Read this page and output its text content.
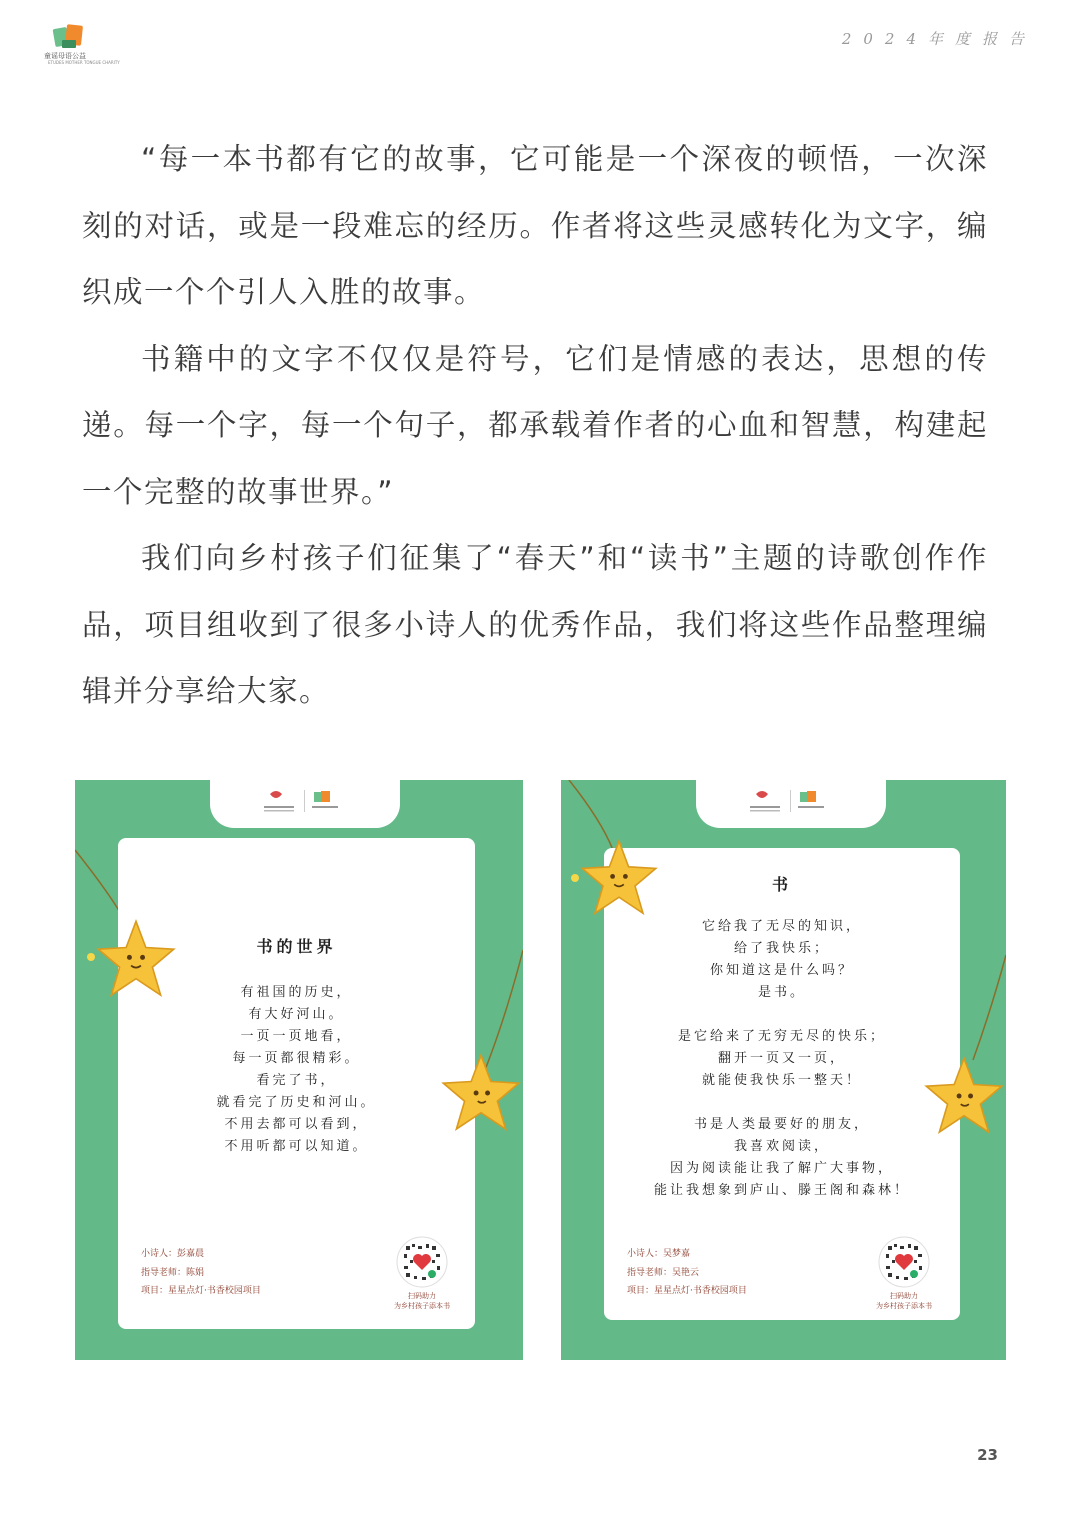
童谣母语公益
ETUDES MOTHER TONGUE CHARITY
2024年度报告

“每一本书都有它的故事，它可能是一个深夜的顿悟，一次深刻的对话，或是一段难忘的经历。作者将这些灵感转化为文字，编织成一个个引人入胜的故事。

书籍中的文字不仅仅是符号，它们是情感的表达，思想的传递。每一个字，每一个句子，都承载着作者的心血和智慧，构建起一个完整的故事世界。”

我们向乡村孩子们征集了“春天”和“读书”主题的诗歌创作作品，项目组收到了很多小诗人的优秀作品，我们将这些作品整理编辑并分享给大家。

书的世界
有祖国的历史，
有大好河山。
一页一页地看，
每一页都很精彩。
看完了书，
就看完了历史和河山。
不用去都可以看到，
不用听都可以知道。
小诗人：彭嘉晨
指导老师：陈娟
项目：星星点灯·书香校园项目	扫码助力
为乡村孩子添本书
书
它给我了无尽的知识，
给了我快乐；
你知道这是什么吗？
是书。
是它给来了无穷无尽的快乐；
翻开一页又一页，
就能使我快乐一整天！
书是人类最要好的朋友，
我喜欢阅读，
因为阅读能让我了解广大事物，
能让我想象到庐山、滕王阁和森林！
小诗人：吴梦嘉
指导老师：吴艳云
项目：星星点灯·书香校园项目	扫码助力
为乡村孩子添本书
23
